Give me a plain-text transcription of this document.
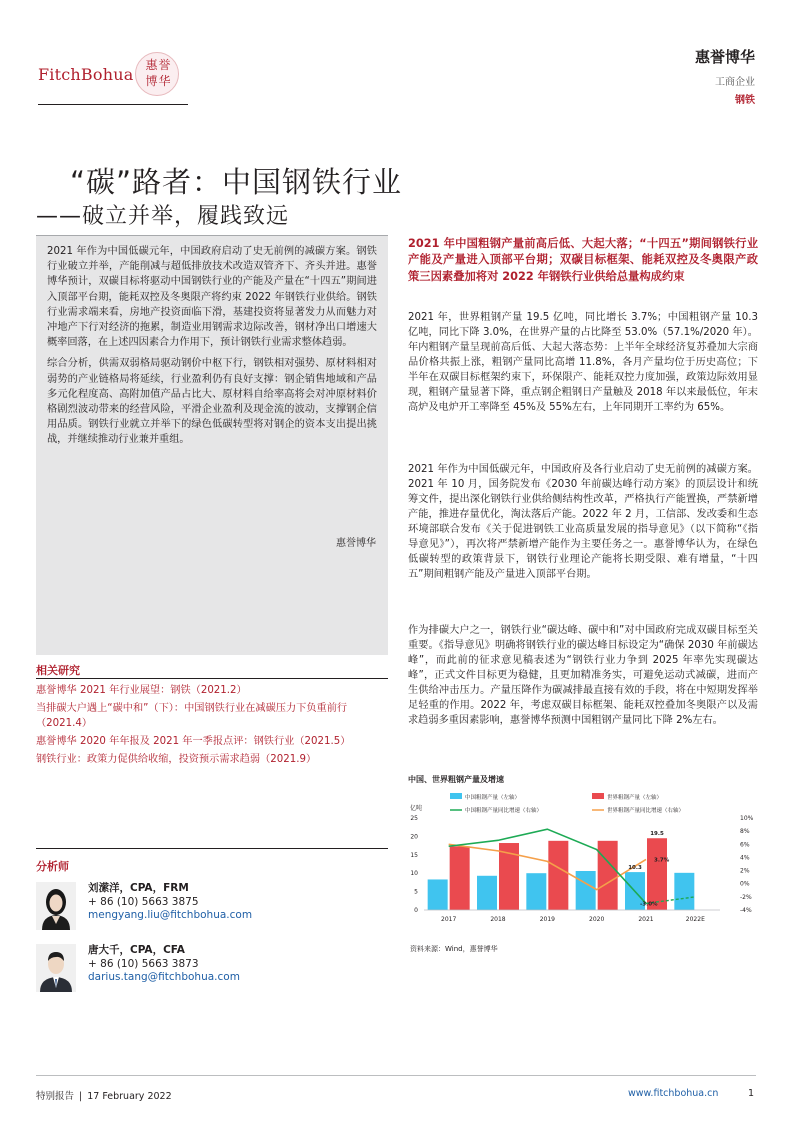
FitchBohua 惠 誉
博 华
惠誉博华
工商企业
钢铁
“碳”路者：中国钢铁行业
——破立并举，履践致远

2021 年作为中国低碳元年，中国政府启动了史无前例的减碳方案。钢铁行业破立并举，产能削减与超低排放技术改造双管齐下、齐头并进。惠誉博华预计，双碳目标将驱动中国钢铁行业的产能及产量在“十四五”期间进入顶部平台期，能耗双控及冬奥限产将约束 2022 年钢铁行业供给。钢铁行业需求端来看，房地产投资面临下滑，基建投资将显著发力从而魅力对冲地产下行对经济的拖累，制造业用钢需求边际改善，钢材净出口增速大概率回落，在上述四因素合力作用下，预计钢铁行业需求整体趋弱。

综合分析，供需双弱格局驱动钢价中枢下行，钢铁相对强势、原材料相对弱势的产业链格局将延续，行业盈利仍有良好支撑：钢企销售地域和产品多元化程度高、高附加值产品占比大、原材料自给率高将会对冲原材料价格剧烈波动带来的经营风险，平滑企业盈利及现金流的波动，支撑钢企信用品质。钢铁行业就立并举下的绿色低碳转型将对钢企的资本支出提出挑战，并继续推动行业兼并重组。

惠誉博华
相关研究
惠誉博华 2021 年行业展望：钢铁（2021.2）
当排碳大户遇上“碳中和”（下）：中国钢铁行业在减碳压力下负重前行（2021.4）
惠誉博华 2020 年年报及 2021 年一季报点评：钢铁行业（2021.5）
钢铁行业：政策力促供给收缩，投资预示需求趋弱（2021.9）
分析师
刘潆洋，CPA，FRM
+ 86 (10) 5663 3875
mengyang.liu@fitchbohua.com
唐大千，CPA，CFA
+ 86 (10) 5663 3873
darius.tang@fitchbohua.com
2021 年中国粗钢产量前高后低、大起大落；“十四五”期间钢铁行业产能及产量进入顶部平台期；双碳目标框架、能耗双控及冬奥限产政策三因素叠加将对 2022 年钢铁行业供给总量构成约束

2021 年，世界粗钢产量 19.5 亿吨，同比增长 3.7%；中国粗钢产量 10.3 亿吨，同比下降 3.0%，在世界产量的占比降至 53.0%（57.1%/2020 年）。年内粗钢产量呈现前高后低、大起大落态势：上半年全球经济复苏叠加大宗商品价格共振上涨，粗钢产量同比高增 11.8%，各月产量均位于历史高位；下半年在双碳目标框架约束下，环保限产、能耗双控力度加强，政策边际效用显现，粗钢产量显著下降，重点钢企粗钢日产量触及 2018 年以来最低位，年末高炉及电炉开工率降至 45%及 55%左右，上年同期开工率约为 65%。

2021 年作为中国低碳元年，中国政府及各行业启动了史无前例的减碳方案。2021 年 10 月，国务院发布《2030 年前碳达峰行动方案》的顶层设计和统筹文件，提出深化钢铁行业供给侧结构性改革，严格执行产能置换，严禁新增产能，推进存量优化，淘汰落后产能。2022 年 2 月，工信部、发改委和生态环境部联合发布《关于促进钢铁工业高质量发展的指导意见》（以下简称“《指导意见》”），再次将严禁新增产能作为主要任务之一。惠誉博华认为，在绿色低碳转型的政策背景下，钢铁行业理论产能将长期受限、难有增量，“十四五”期间粗钢产能及产量进入顶部平台期。

作为排碳大户之一，钢铁行业“碳达峰、碳中和”对中国政府完成双碳目标至关重要。《指导意见》明确将钢铁行业的碳达峰目标设定为“确保 2030 年前碳达峰”，而此前的征求意见稿表述为“钢铁行业力争到 2025 年率先实现碳达峰”，正式文件目标更为稳健，且更加精准务实，可避免运动式减碳，进而产生供给冲击压力。产量压降作为碳减排最直接有效的手段，将在中短期发挥举足轻重的作用。2022 年，考虑双碳目标框架、能耗双控叠加冬奥限产以及需求趋弱多重因素影响，惠誉博华预测中国粗钢产量同比下降 2%左右。

中国、世界粗钢产量及增速
中国粗钢产量（左轴）	世界粗钢产量（左轴）
中国粗钢产量同比增速（右轴）	世界粗钢产量同比增速（右轴）
亿吨
0
5
10
15
20
25
-4%
-2%
0%
2%
4%
6%
8%
10%
10.3
19.5
3.7%
-3.0%
2017	2018	2019	2020	2021	2022E
资料来源：Wind，惠誉博华
特别报告 | 17 February 2022	www.fitchbohua.cn	1
